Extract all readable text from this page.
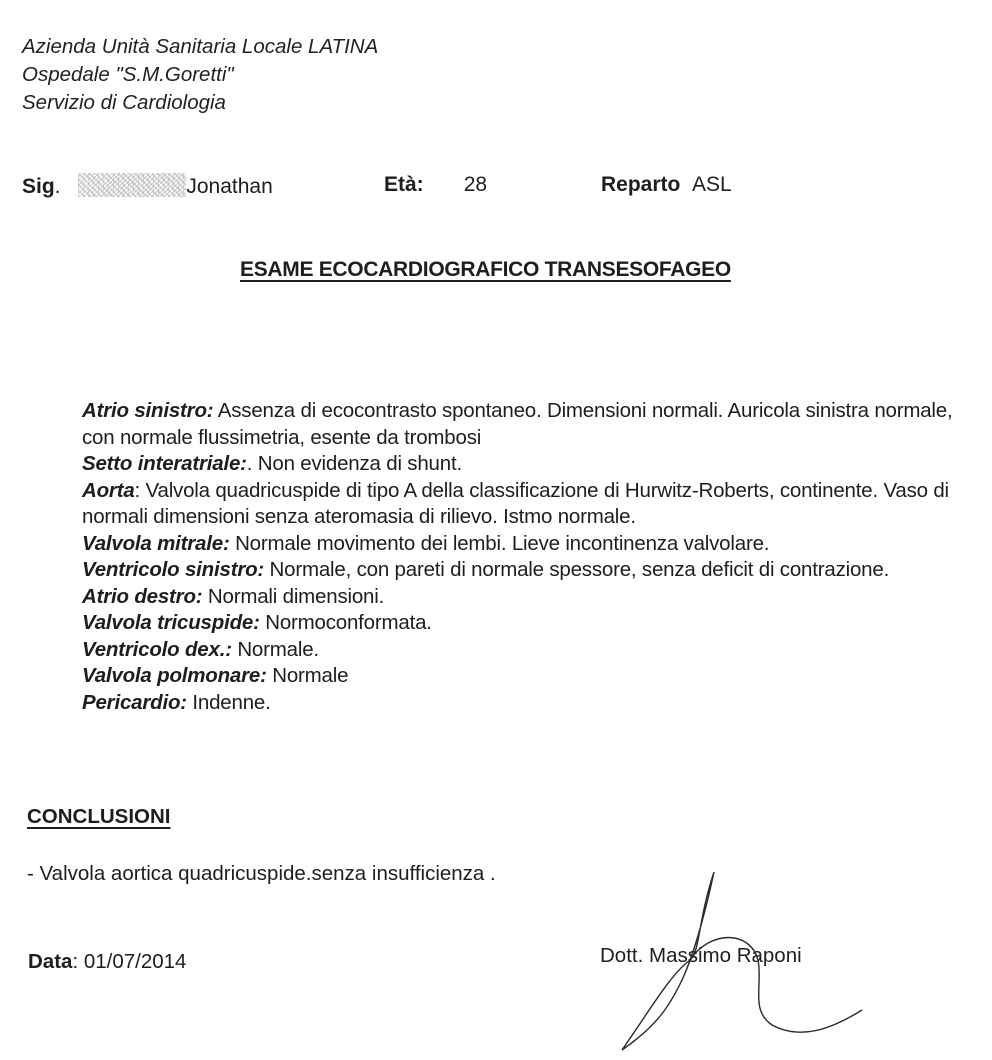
Azienda Unità Sanitaria Locale LATINA
Ospedale "S.M.Goretti"
Servizio di Cardiologia
Sig.	Jonathan	Età: 28	Reparto ASL
ESAME ECOCARDIOGRAFICO TRANSESOFAGEO
Atrio sinistro: Assenza di ecocontrasto spontaneo. Dimensioni normali. Auricola sinistra normale, con normale flussimetria, esente da trombosi
Setto interatriale:. Non evidenza di shunt.
Aorta: Valvola quadricuspide di tipo A della classificazione di Hurwitz-Roberts, continente. Vaso di normali dimensioni senza ateromasia di rilievo. Istmo normale.
Valvola mitrale: Normale movimento dei lembi. Lieve incontinenza valvolare.
Ventricolo sinistro: Normale, con pareti di normale spessore, senza deficit di contrazione.
Atrio destro: Normali dimensioni.
Valvola tricuspide: Normoconformata.
Ventricolo dex.: Normale.
Valvola polmonare: Normale
Pericardio: Indenne.
CONCLUSIONI
- Valvola aortica quadricuspide.senza insufficienza .
Data: 01/07/2014	Dott. Massimo Raponi
